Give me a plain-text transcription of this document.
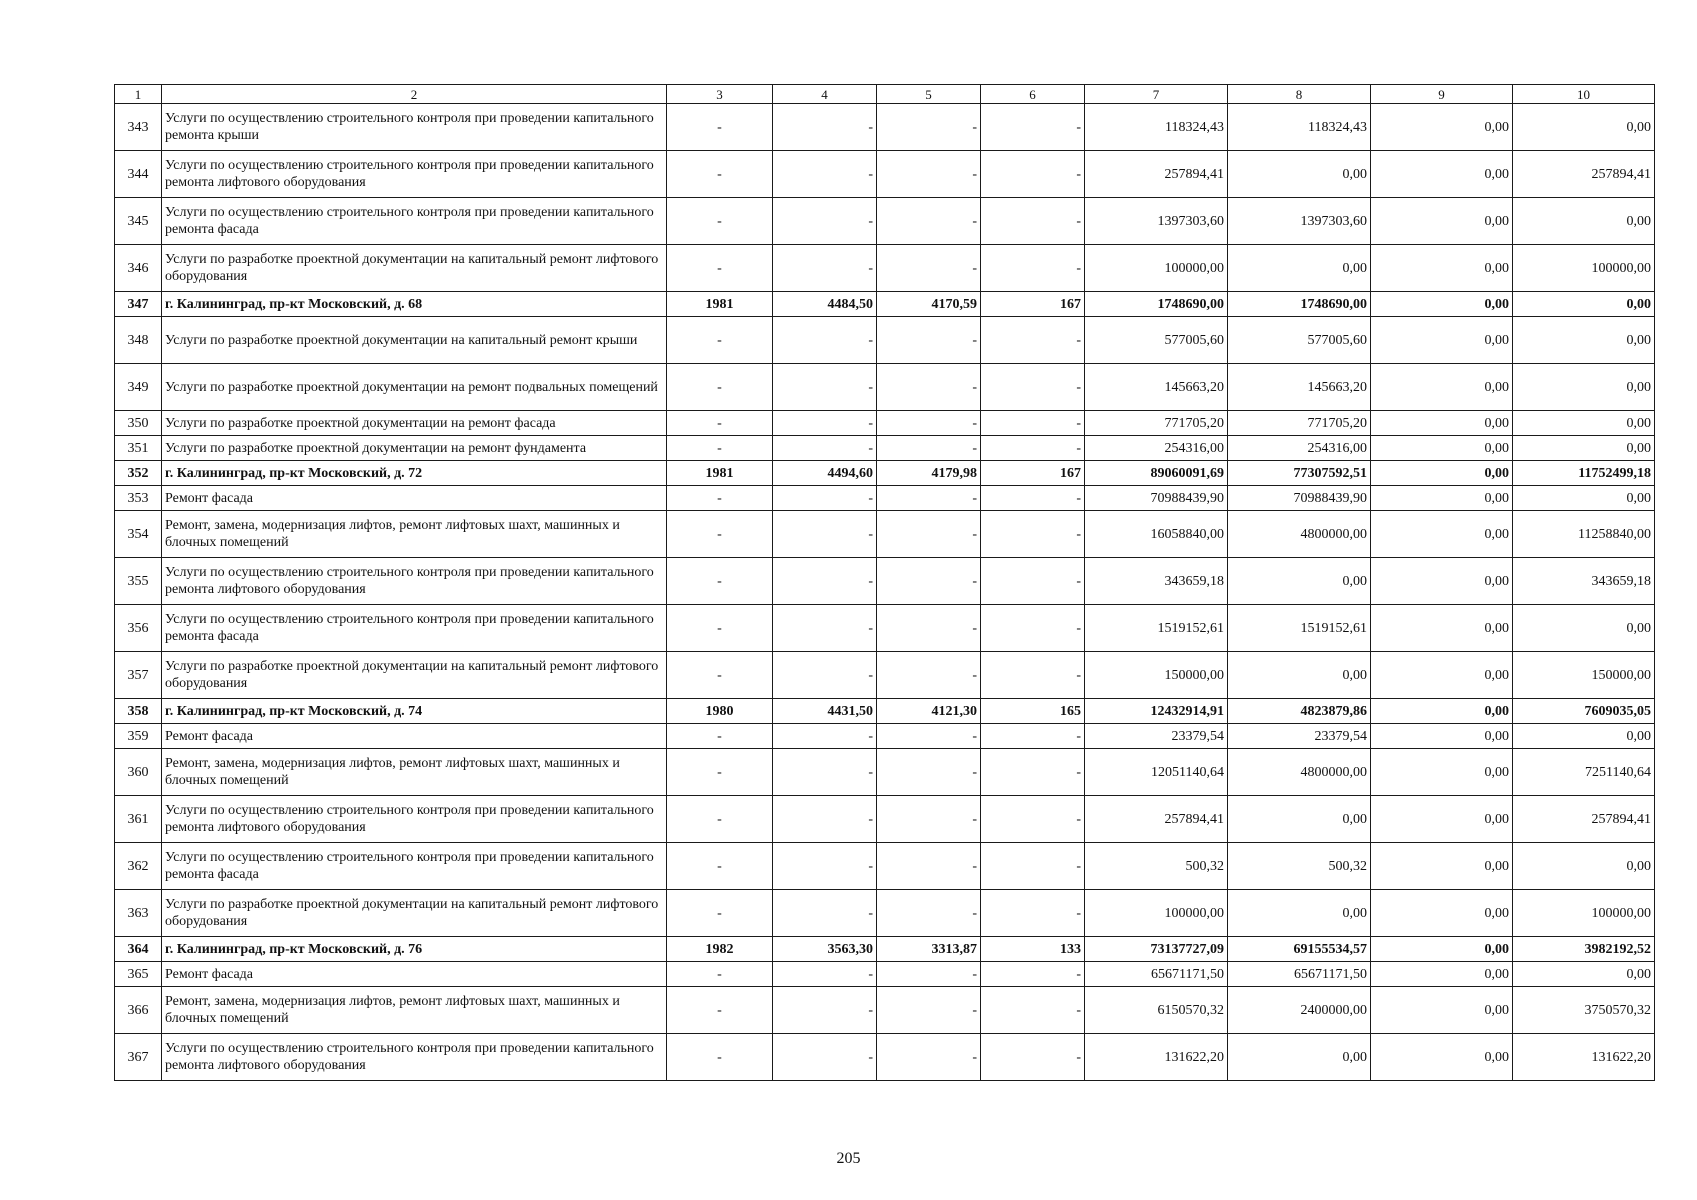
1	2	3	4	5	6	7	8	9	10
343	Услуги по осуществлению строительного контроля при проведении капитального ремонта крыши	-	-	-	-	118324,43	118324,43	0,00	0,00
344	Услуги по осуществлению строительного контроля при проведении капитального ремонта лифтового оборудования	-	-	-	-	257894,41	0,00	0,00	257894,41
345	Услуги по осуществлению строительного контроля при проведении капитального ремонта фасада	-	-	-	-	1397303,60	1397303,60	0,00	0,00
346	Услуги по разработке проектной документации на капитальный ремонт лифтового оборудования	-	-	-	-	100000,00	0,00	0,00	100000,00
347	г. Калининград, пр-кт Московский, д. 68	1981	4484,50	4170,59	167	1748690,00	1748690,00	0,00	0,00
348	Услуги по разработке проектной документации на капитальный ремонт крыши	-	-	-	-	577005,60	577005,60	0,00	0,00
349	Услуги по разработке проектной документации на ремонт подвальных помещений	-	-	-	-	145663,20	145663,20	0,00	0,00
350	Услуги по разработке проектной документации на ремонт фасада	-	-	-	-	771705,20	771705,20	0,00	0,00
351	Услуги по разработке проектной документации на ремонт фундамента	-	-	-	-	254316,00	254316,00	0,00	0,00
352	г. Калининград, пр-кт Московский, д. 72	1981	4494,60	4179,98	167	89060091,69	77307592,51	0,00	11752499,18
353	Ремонт фасада	-	-	-	-	70988439,90	70988439,90	0,00	0,00
354	Ремонт, замена, модернизация лифтов, ремонт лифтовых шахт, машинных и блочных помещений	-	-	-	-	16058840,00	4800000,00	0,00	11258840,00
355	Услуги по осуществлению строительного контроля при проведении капитального ремонта лифтового оборудования	-	-	-	-	343659,18	0,00	0,00	343659,18
356	Услуги по осуществлению строительного контроля при проведении капитального ремонта фасада	-	-	-	-	1519152,61	1519152,61	0,00	0,00
357	Услуги по разработке проектной документации на капитальный ремонт лифтового оборудования	-	-	-	-	150000,00	0,00	0,00	150000,00
358	г. Калининград, пр-кт Московский, д. 74	1980	4431,50	4121,30	165	12432914,91	4823879,86	0,00	7609035,05
359	Ремонт фасада	-	-	-	-	23379,54	23379,54	0,00	0,00
360	Ремонт, замена, модернизация лифтов, ремонт лифтовых шахт, машинных и блочных помещений	-	-	-	-	12051140,64	4800000,00	0,00	7251140,64
361	Услуги по осуществлению строительного контроля при проведении капитального ремонта лифтового оборудования	-	-	-	-	257894,41	0,00	0,00	257894,41
362	Услуги по осуществлению строительного контроля при проведении капитального ремонта фасада	-	-	-	-	500,32	500,32	0,00	0,00
363	Услуги по разработке проектной документации на капитальный ремонт лифтового оборудования	-	-	-	-	100000,00	0,00	0,00	100000,00
364	г. Калининград, пр-кт Московский, д. 76	1982	3563,30	3313,87	133	73137727,09	69155534,57	0,00	3982192,52
365	Ремонт фасада	-	-	-	-	65671171,50	65671171,50	0,00	0,00
366	Ремонт, замена, модернизация лифтов, ремонт лифтовых шахт, машинных и блочных помещений	-	-	-	-	6150570,32	2400000,00	0,00	3750570,32
367	Услуги по осуществлению строительного контроля при проведении капитального ремонта лифтового оборудования	-	-	-	-	131622,20	0,00	0,00	131622,20
205
